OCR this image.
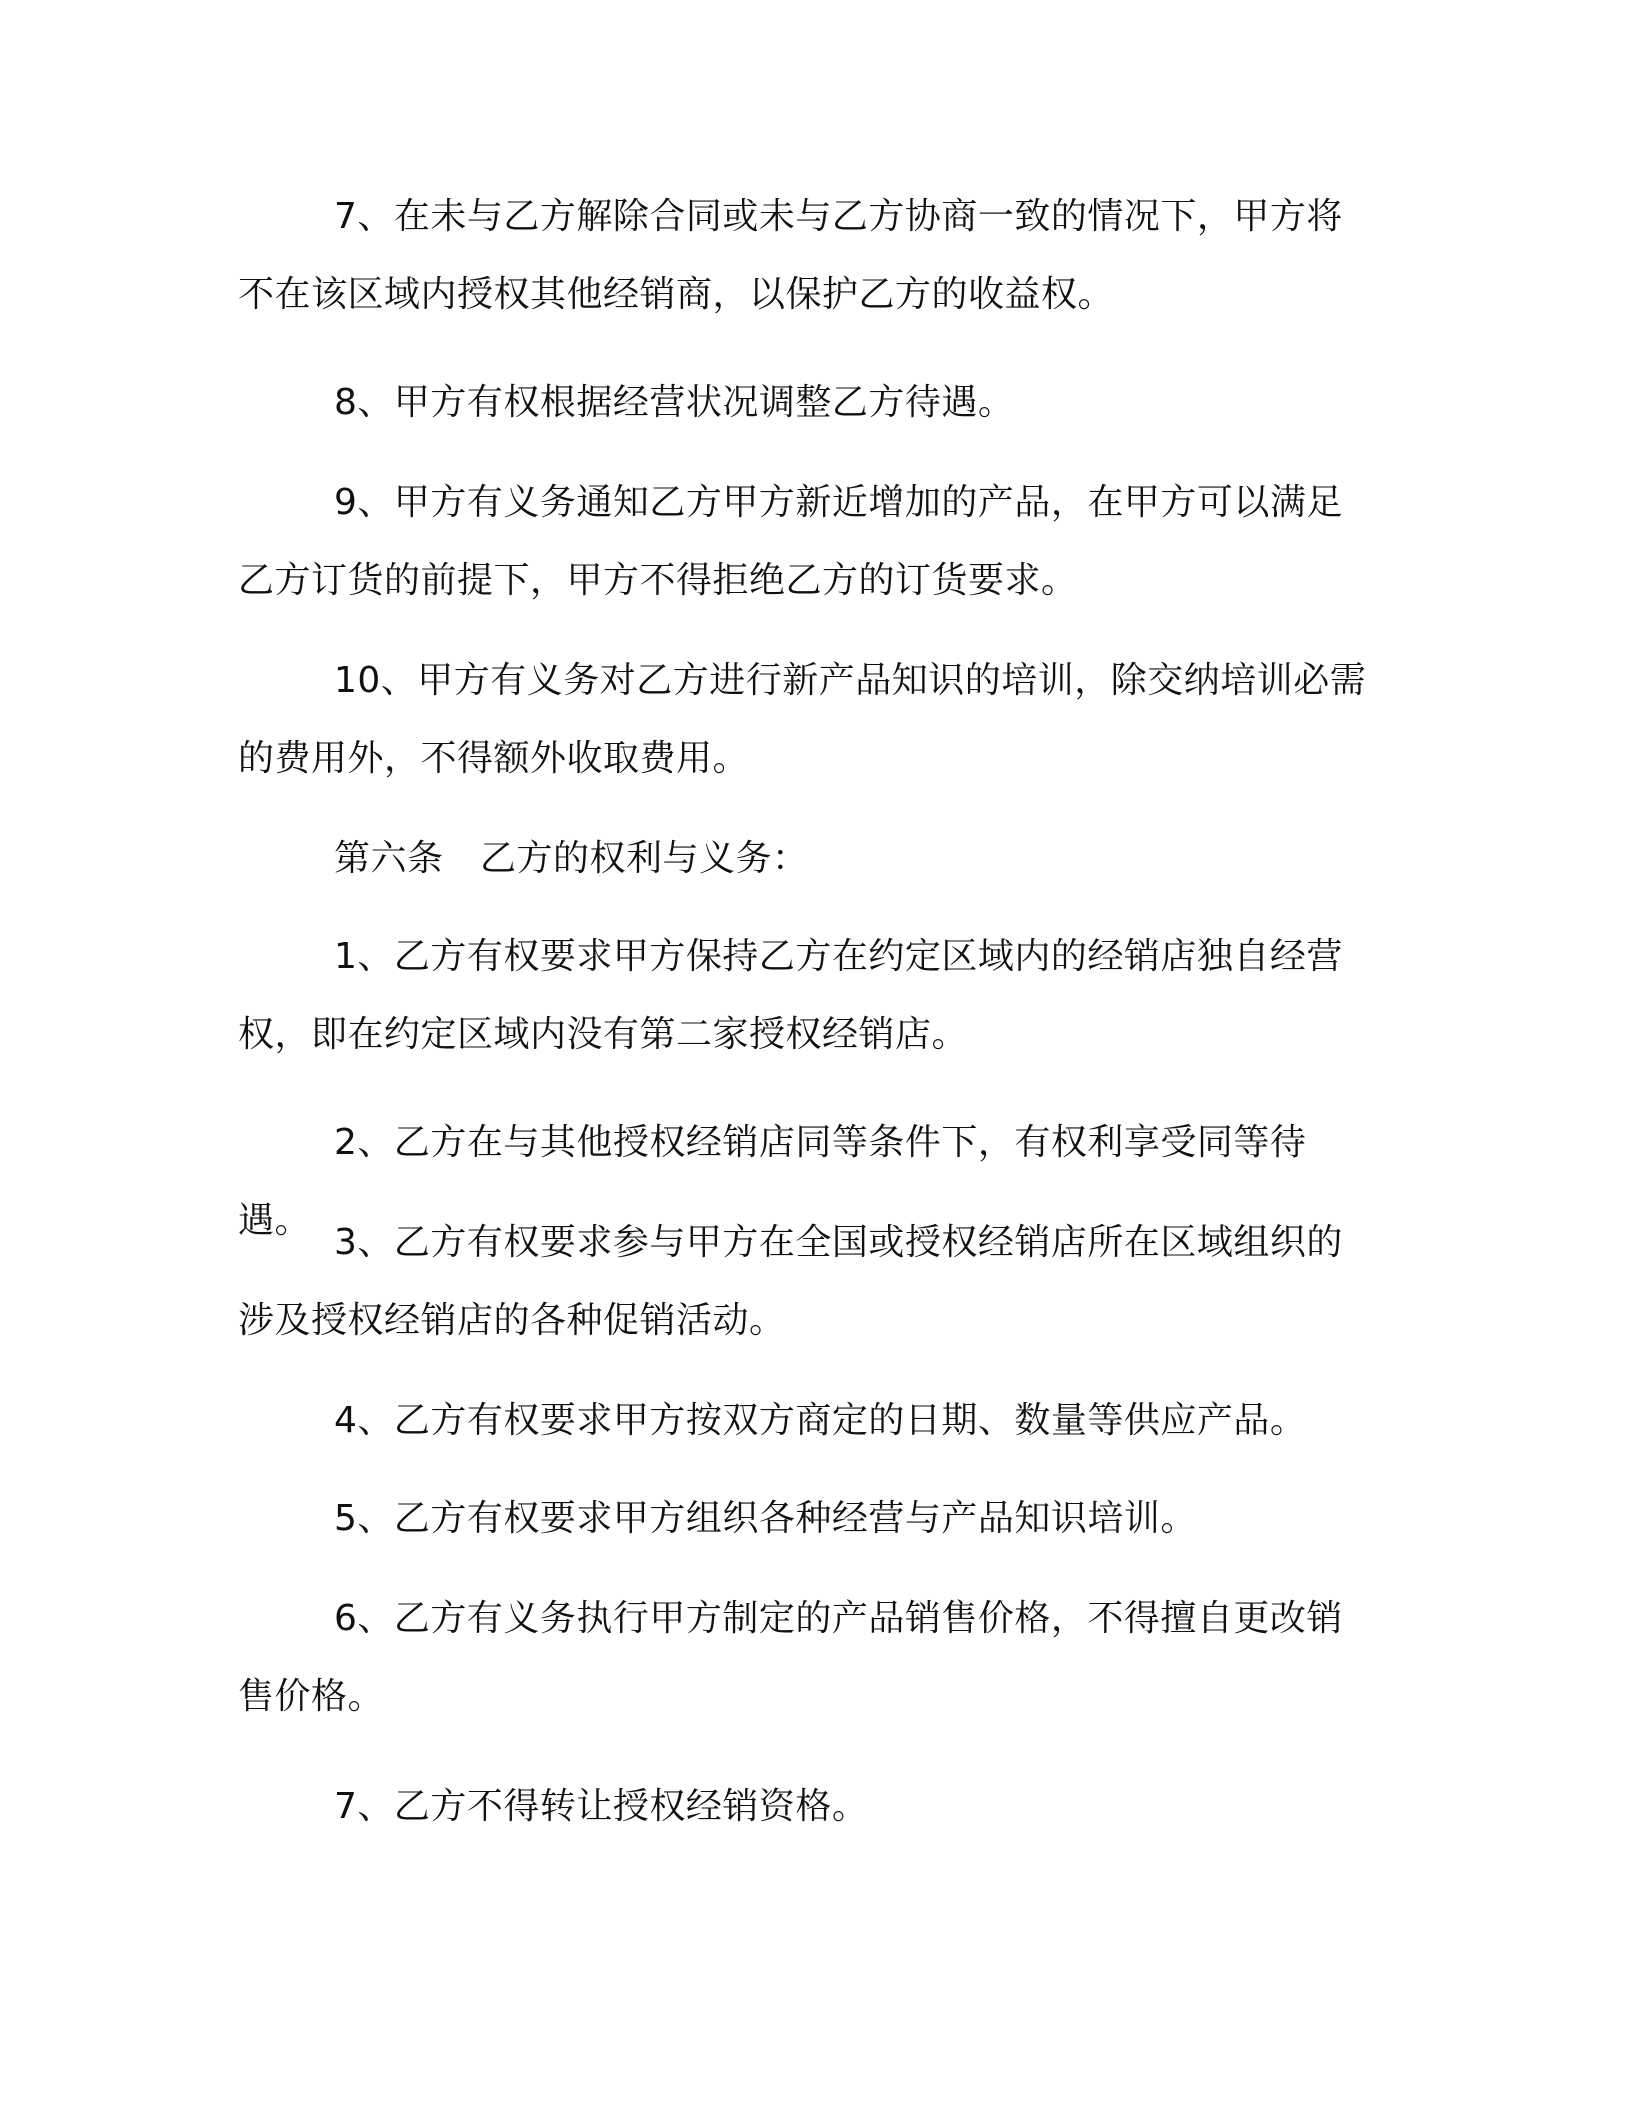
7、在未与乙方解除合同或未与乙方协商一致的情况下，甲方将不在该区域内授权其他经销商，以保护乙方的收益权。

8、甲方有权根据经营状况调整乙方待遇。

9、甲方有义务通知乙方甲方新近增加的产品，在甲方可以满足乙方订货的前提下，甲方不得拒绝乙方的订货要求。

10、甲方有义务对乙方进行新产品知识的培训，除交纳培训必需的费用外，不得额外收取费用。

第六条　乙方的权利与义务：

1、乙方有权要求甲方保持乙方在约定区域内的经销店独自经营权，即在约定区域内没有第二家授权经销店。

2、乙方在与其他授权经销店同等条件下，有权利享受同等待遇。

3、乙方有权要求参与甲方在全国或授权经销店所在区域组织的涉及授权经销店的各种促销活动。

4、乙方有权要求甲方按双方商定的日期、数量等供应产品。

5、乙方有权要求甲方组织各种经营与产品知识培训。

6、乙方有义务执行甲方制定的产品销售价格，不得擅自更改销售价格。

7、乙方不得转让授权经销资格。
